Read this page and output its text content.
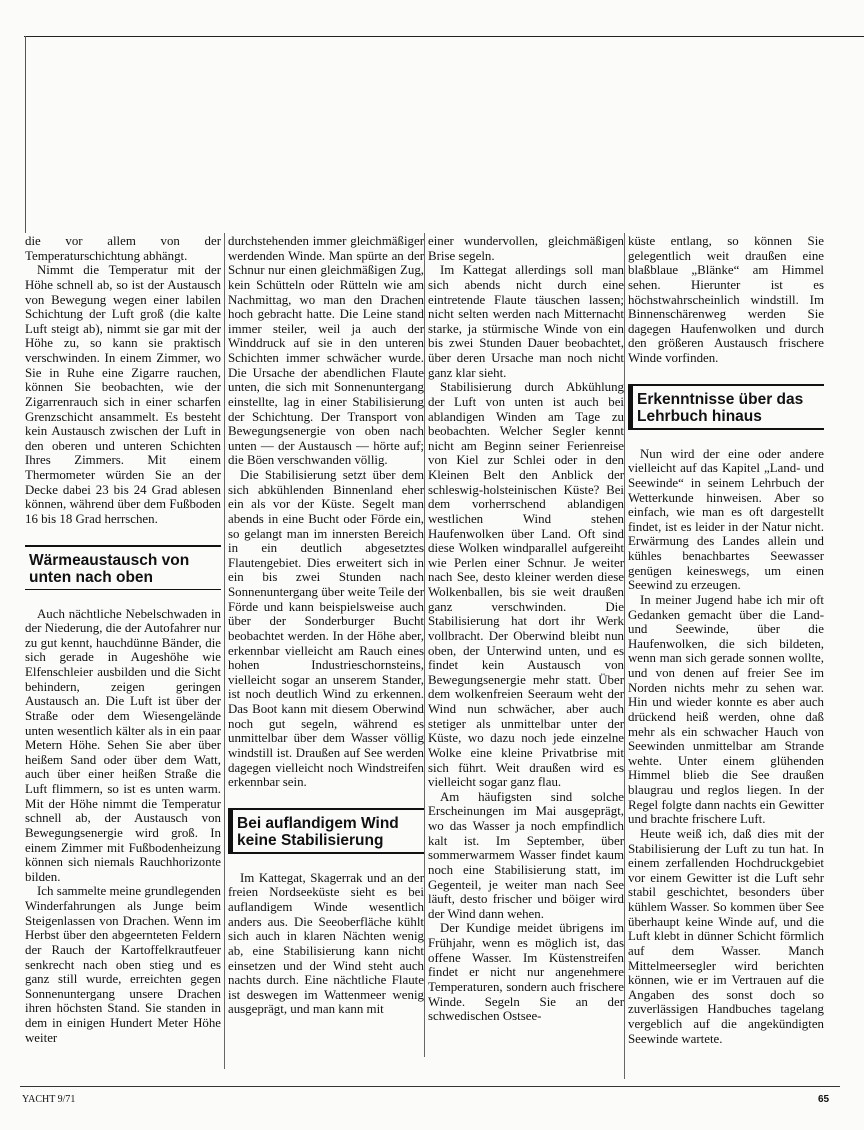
die vor allem von der Temperaturschichtung abhängt.

Nimmt die Temperatur mit der Höhe schnell ab, so ist der Austausch von Bewegung wegen einer labilen Schichtung der Luft groß (die kalte Luft steigt ab), nimmt sie gar mit der Höhe zu, so kann sie praktisch verschwinden. In einem Zimmer, wo Sie in Ruhe eine Zigarre rauchen, können Sie beobachten, wie der Zigarrenrauch sich in einer scharfen Grenzschicht ansammelt. Es besteht kein Austausch zwischen der Luft in den oberen und unteren Schichten Ihres Zimmers. Mit einem Thermometer würden Sie an der Decke dabei 23 bis 24 Grad ablesen können, während über dem Fußboden 16 bis 18 Grad herrschen.

Wärmeaustausch von unten nach oben

Auch nächtliche Nebelschwaden in der Niederung, die der Autofahrer nur zu gut kennt, hauchdünne Bänder, die sich gerade in Augeshöhe wie Elfenschleier ausbilden und die Sicht behindern, zeigen geringen Austausch an. Die Luft ist über der Straße oder dem Wiesengelände unten wesentlich kälter als in ein paar Metern Höhe. Sehen Sie aber über heißem Sand oder über dem Watt, auch über einer heißen Straße die Luft flimmern, so ist es unten warm. Mit der Höhe nimmt die Temperatur schnell ab, der Austausch von Bewegungsenergie wird groß. In einem Zimmer mit Fußbodenheizung können sich niemals Rauchhorizonte bilden.

Ich sammelte meine grundlegenden Winderfahrungen als Junge beim Steigenlassen von Drachen. Wenn im Herbst über den abgeernteten Feldern der Rauch der Kartoffelkrautfeuer senkrecht nach oben stieg und es ganz still wurde, erreichten gegen Sonnenuntergang unsere Drachen ihren höchsten Stand. Sie standen in dem in einigen Hundert Meter Höhe weiter

durchstehenden immer gleichmäßiger werdenden Winde. Man spürte an der Schnur nur einen gleichmäßigen Zug, kein Schütteln oder Rütteln wie am Nachmittag, wo man den Drachen hoch gebracht hatte. Die Leine stand immer steiler, weil ja auch der Winddruck auf sie in den unteren Schichten immer schwächer wurde. Die Ursache der abendlichen Flaute unten, die sich mit Sonnenuntergang einstellte, lag in einer Stabilisierung der Schichtung. Der Transport von Bewegungsenergie von oben nach unten — der Austausch — hörte auf; die Böen verschwanden völlig.

Die Stabilisierung setzt über dem sich abkühlenden Binnenland eher ein als vor der Küste. Segelt man abends in eine Bucht oder Förde ein, so gelangt man im innersten Bereich in ein deutlich abgesetztes Flautengebiet. Dies erweitert sich in ein bis zwei Stunden nach Sonnenuntergang über weite Teile der Förde und kann beispielsweise auch über der Sonderburger Bucht beobachtet werden. In der Höhe aber, erkennbar vielleicht am Rauch eines hohen Industrieschornsteins, vielleicht sogar an unserem Stander, ist noch deutlich Wind zu erkennen. Das Boot kann mit diesem Oberwind noch gut segeln, während es unmittelbar über dem Wasser völlig windstill ist. Draußen auf See werden dagegen vielleicht noch Windstreifen erkennbar sein.

Bei auflandigem Wind keine Stabilisierung

Im Kattegat, Skagerrak und an der freien Nordseeküste sieht es bei auflandigem Winde wesentlich anders aus. Die Seeoberfläche kühlt sich auch in klaren Nächten wenig ab, eine Stabilisierung kann nicht einsetzen und der Wind steht auch nachts durch. Eine nächtliche Flaute ist deswegen im Wattenmeer wenig ausgeprägt, und man kann mit

einer wundervollen, gleichmäßigen Brise segeln.

Im Kattegat allerdings soll man sich abends nicht durch eine eintretende Flaute täuschen lassen; nicht selten werden nach Mitternacht starke, ja stürmische Winde von ein bis zwei Stunden Dauer beobachtet, über deren Ursache man noch nicht ganz klar sieht.

Stabilisierung durch Abkühlung der Luft von unten ist auch bei ablandigen Winden am Tage zu beobachten. Welcher Segler kennt nicht am Beginn seiner Ferienreise von Kiel zur Schlei oder in den Kleinen Belt den Anblick der schleswig-holsteinischen Küste? Bei dem vorherrschend ablandigen westlichen Wind stehen Haufenwolken über Land. Oft sind diese Wolken windparallel aufgereiht wie Perlen einer Schnur. Je weiter nach See, desto kleiner werden diese Wolkenballen, bis sie weit draußen ganz verschwinden. Die Stabilisierung hat dort ihr Werk vollbracht. Der Oberwind bleibt nun oben, der Unterwind unten, und es findet kein Austausch von Bewegungsenergie mehr statt. Über dem wolkenfreien Seeraum weht der Wind nun schwächer, aber auch stetiger als unmittelbar unter der Küste, wo dazu noch jede einzelne Wolke eine kleine Privatbrise mit sich führt. Weit draußen wird es vielleicht sogar ganz flau.

Am häufigsten sind solche Erscheinungen im Mai ausgeprägt, wo das Wasser ja noch empfindlich kalt ist. Im September, über sommerwarmem Wasser findet kaum noch eine Stabilisierung statt, im Gegenteil, je weiter man nach See läuft, desto frischer und böiger wird der Wind dann wehen.

Der Kundige meidet übrigens im Frühjahr, wenn es möglich ist, das offene Wasser. Im Küstenstreifen findet er nicht nur angenehmere Temperaturen, sondern auch frischere Winde. Segeln Sie an der schwedischen Ostsee-

küste entlang, so können Sie gelegentlich weit draußen eine blaßblaue „Blänke“ am Himmel sehen. Hierunter ist es höchstwahrscheinlich windstill. Im Binnenschärenweg werden Sie dagegen Haufenwolken und durch den größeren Austausch frischere Winde vorfinden.

Erkenntnisse über das Lehrbuch hinaus

Nun wird der eine oder andere vielleicht auf das Kapitel „Land- und Seewinde“ in seinem Lehrbuch der Wetterkunde hinweisen. Aber so einfach, wie man es oft dargestellt findet, ist es leider in der Natur nicht. Erwärmung des Landes allein und kühles benachbartes Seewasser genügen keineswegs, um einen Seewind zu erzeugen.

In meiner Jugend habe ich mir oft Gedanken gemacht über die Land- und Seewinde, über die Haufenwolken, die sich bildeten, wenn man sich gerade sonnen wollte, und von denen auf freier See im Norden nichts mehr zu sehen war. Hin und wieder konnte es aber auch drückend heiß werden, ohne daß mehr als ein schwacher Hauch von Seewinden unmittelbar am Strande wehte. Unter einem glühenden Himmel blieb die See draußen blaugrau und reglos liegen. In der Regel folgte dann nachts ein Gewitter und brachte frischere Luft.

Heute weiß ich, daß dies mit der Stabilisierung der Luft zu tun hat. In einem zerfallenden Hochdruckgebiet vor einem Gewitter ist die Luft sehr stabil geschichtet, besonders über kühlem Wasser. So kommen über See überhaupt keine Winde auf, und die Luft klebt in dünner Schicht förmlich auf dem Wasser. Manch Mittelmeersegler wird berichten können, wie er im Vertrauen auf die Angaben des sonst doch so zuverlässigen Handbuches tagelang vergeblich auf die angekündigten Seewinde wartete.

YACHT 9/71	65
